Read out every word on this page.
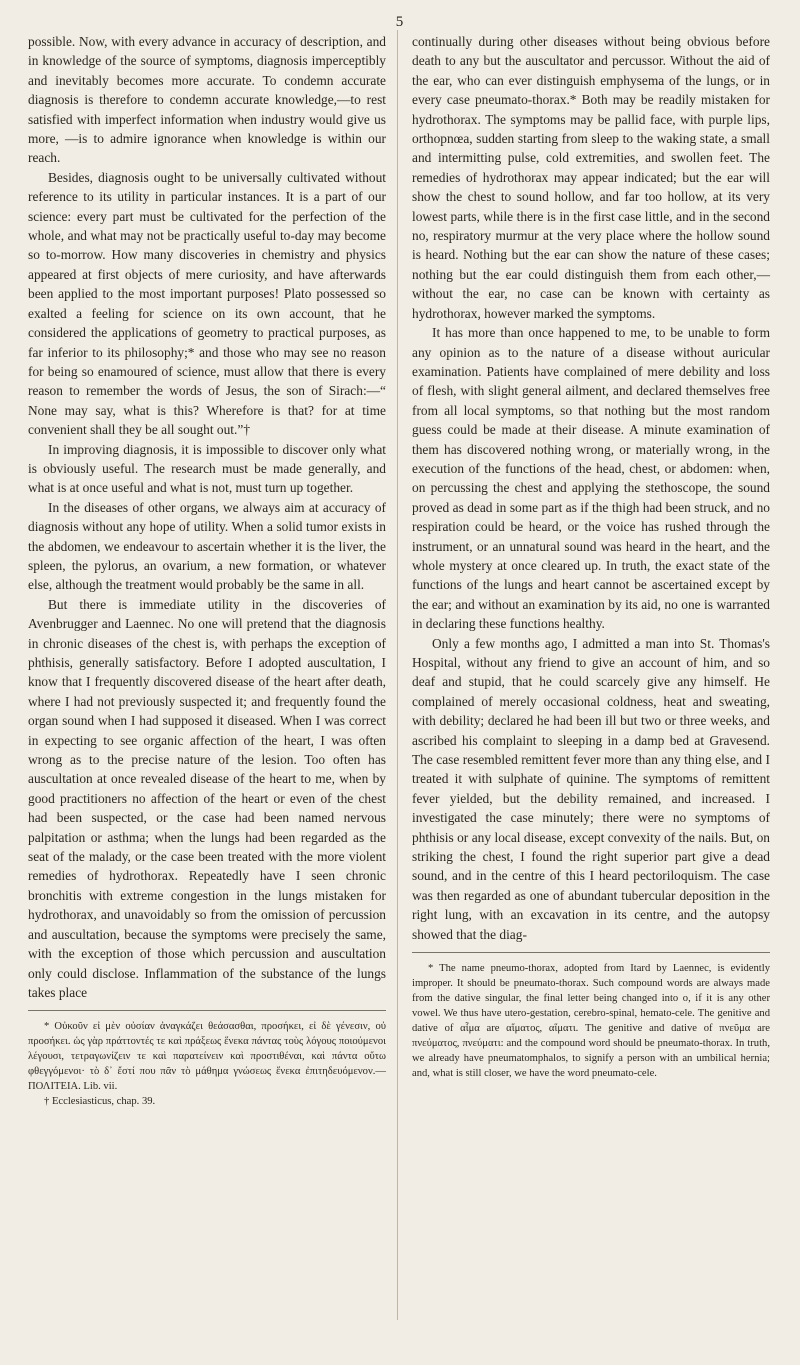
5

possible. Now, with every advance in accuracy of description, and in knowledge of the source of symptoms, diagnosis imperceptibly and inevitably becomes more accurate. To condemn accurate diagnosis is therefore to condemn accurate knowledge,—to rest satisfied with imperfect information when industry would give us more, —is to admire ignorance when knowledge is within our reach.

Besides, diagnosis ought to be universally cultivated without reference to its utility in particular instances. It is a part of our science: every part must be cultivated for the perfection of the whole, and what may not be practically useful to-day may become so to-morrow. How many discoveries in chemistry and physics appeared at first objects of mere curiosity, and have afterwards been applied to the most important purposes! Plato possessed so exalted a feeling for science on its own account, that he considered the applications of geometry to practical purposes, as far inferior to its philosophy;* and those who may see no reason for being so enamoured of science, must allow that there is every reason to remember the words of Jesus, the son of Sirach:—“ None may say, what is this? Wherefore is that? for at time convenient shall they be all sought out.”†

In improving diagnosis, it is impossible to discover only what is obviously useful. The research must be made generally, and what is at once useful and what is not, must turn up together.

In the diseases of other organs, we always aim at accuracy of diagnosis without any hope of utility. When a solid tumor exists in the abdomen, we endeavour to ascertain whether it is the liver, the spleen, the pylorus, an ovarium, a new formation, or whatever else, although the treatment would probably be the same in all.

But there is immediate utility in the discoveries of Avenbrugger and Laennec. No one will pretend that the diagnosis in chronic diseases of the chest is, with perhaps the exception of phthisis, generally satisfactory. Before I adopted auscultation, I know that I frequently discovered disease of the heart after death, where I had not previously suspected it; and frequently found the organ sound when I had supposed it diseased. When I was correct in expecting to see organic affection of the heart, I was often wrong as to the precise nature of the lesion. Too often has auscultation at once revealed disease of the heart to me, when by good practitioners no affection of the heart or even of the chest had been suspected, or the case had been named nervous palpitation or asthma; when the lungs had been regarded as the seat of the malady, or the case been treated with the more violent remedies of hydrothorax. Repeatedly have I seen chronic bronchitis with extreme congestion in the lungs mistaken for hydrothorax, and unavoidably so from the omission of percussion and auscultation, because the symptoms were precisely the same, with the exception of those which percussion and auscultation only could disclose. Inflammation of the substance of the lungs takes place

* Οὐκοῦν εἰ μὲν οὐσίαν ἀναγκάζει θεάσασθαι, προσήκει, εἰ δὲ γένεσιν, οὐ προσήκει. ὡς γὰρ πράττοντές τε καὶ πράξεως ἕνεκα πάντας τοὺς λόγους ποιούμενοι λέγουσι, τετραγωνίζειν τε καὶ παρατείνειν καὶ προστιθέναι, καὶ πάντα οὕτω φθεγγόμενοι· τὸ δ᾽ ἔστί που πᾶν τὸ μάθημα γνώσεως ἕνεκα ἐπιτηδευόμενον.—ΠΟΛΙΤΕΙΑ. Lib. vii.

† Ecclesiasticus, chap. 39.

continually during other diseases without being obvious before death to any but the auscultator and percussor. Without the aid of the ear, who can ever distinguish emphysema of the lungs, or in every case pneumato-thorax.* Both may be readily mistaken for hydrothorax. The symptoms may be pallid face, with purple lips, orthopnœa, sudden starting from sleep to the waking state, a small and intermitting pulse, cold extremities, and swollen feet. The remedies of hydrothorax may appear indicated; but the ear will show the chest to sound hollow, and far too hollow, at its very lowest parts, while there is in the first case little, and in the second no, respiratory murmur at the very place where the hollow sound is heard. Nothing but the ear can show the nature of these cases; nothing but the ear could distinguish them from each other,—without the ear, no case can be known with certainty as hydrothorax, however marked the symptoms.

It has more than once happened to me, to be unable to form any opinion as to the nature of a disease without auricular examination. Patients have complained of mere debility and loss of flesh, with slight general ailment, and declared themselves free from all local symptoms, so that nothing but the most random guess could be made at their disease. A minute examination of them has discovered nothing wrong, or materially wrong, in the execution of the functions of the head, chest, or abdomen: when, on percussing the chest and applying the stethoscope, the sound proved as dead in some part as if the thigh had been struck, and no respiration could be heard, or the voice has rushed through the instrument, or an unnatural sound was heard in the heart, and the whole mystery at once cleared up. In truth, the exact state of the functions of the lungs and heart cannot be ascertained except by the ear; and without an examination by its aid, no one is warranted in declaring these functions healthy.

Only a few months ago, I admitted a man into St. Thomas's Hospital, without any friend to give an account of him, and so deaf and stupid, that he could scarcely give any himself. He complained of merely occasional coldness, heat and sweating, with debility; declared he had been ill but two or three weeks, and ascribed his complaint to sleeping in a damp bed at Gravesend. The case resembled remittent fever more than any thing else, and I treated it with sulphate of quinine. The symptoms of remittent fever yielded, but the debility remained, and increased. I investigated the case minutely; there were no symptoms of phthisis or any local disease, except convexity of the nails. But, on striking the chest, I found the right superior part give a dead sound, and in the centre of this I heard pectoriloquism. The case was then regarded as one of abundant tubercular deposition in the right lung, with an excavation in its centre, and the autopsy showed that the diag-

* The name pneumo-thorax, adopted from Itard by Laennec, is evidently improper. It should be pneumato-thorax. Such compound words are always made from the dative singular, the final letter being changed into o, if it is any other vowel. We thus have utero-gestation, cerebro-spinal, hemato-cele. The genitive and dative of αἷμα are αἵματος, αἵματι. The genitive and dative of πνεῦμα are πνεύματος, πνεύματι: and the compound word should be pneumato-thorax. In truth, we already have pneumatomphalos, to signify a person with an umbilical hernia; and, what is still closer, we have the word pneumato-cele.
